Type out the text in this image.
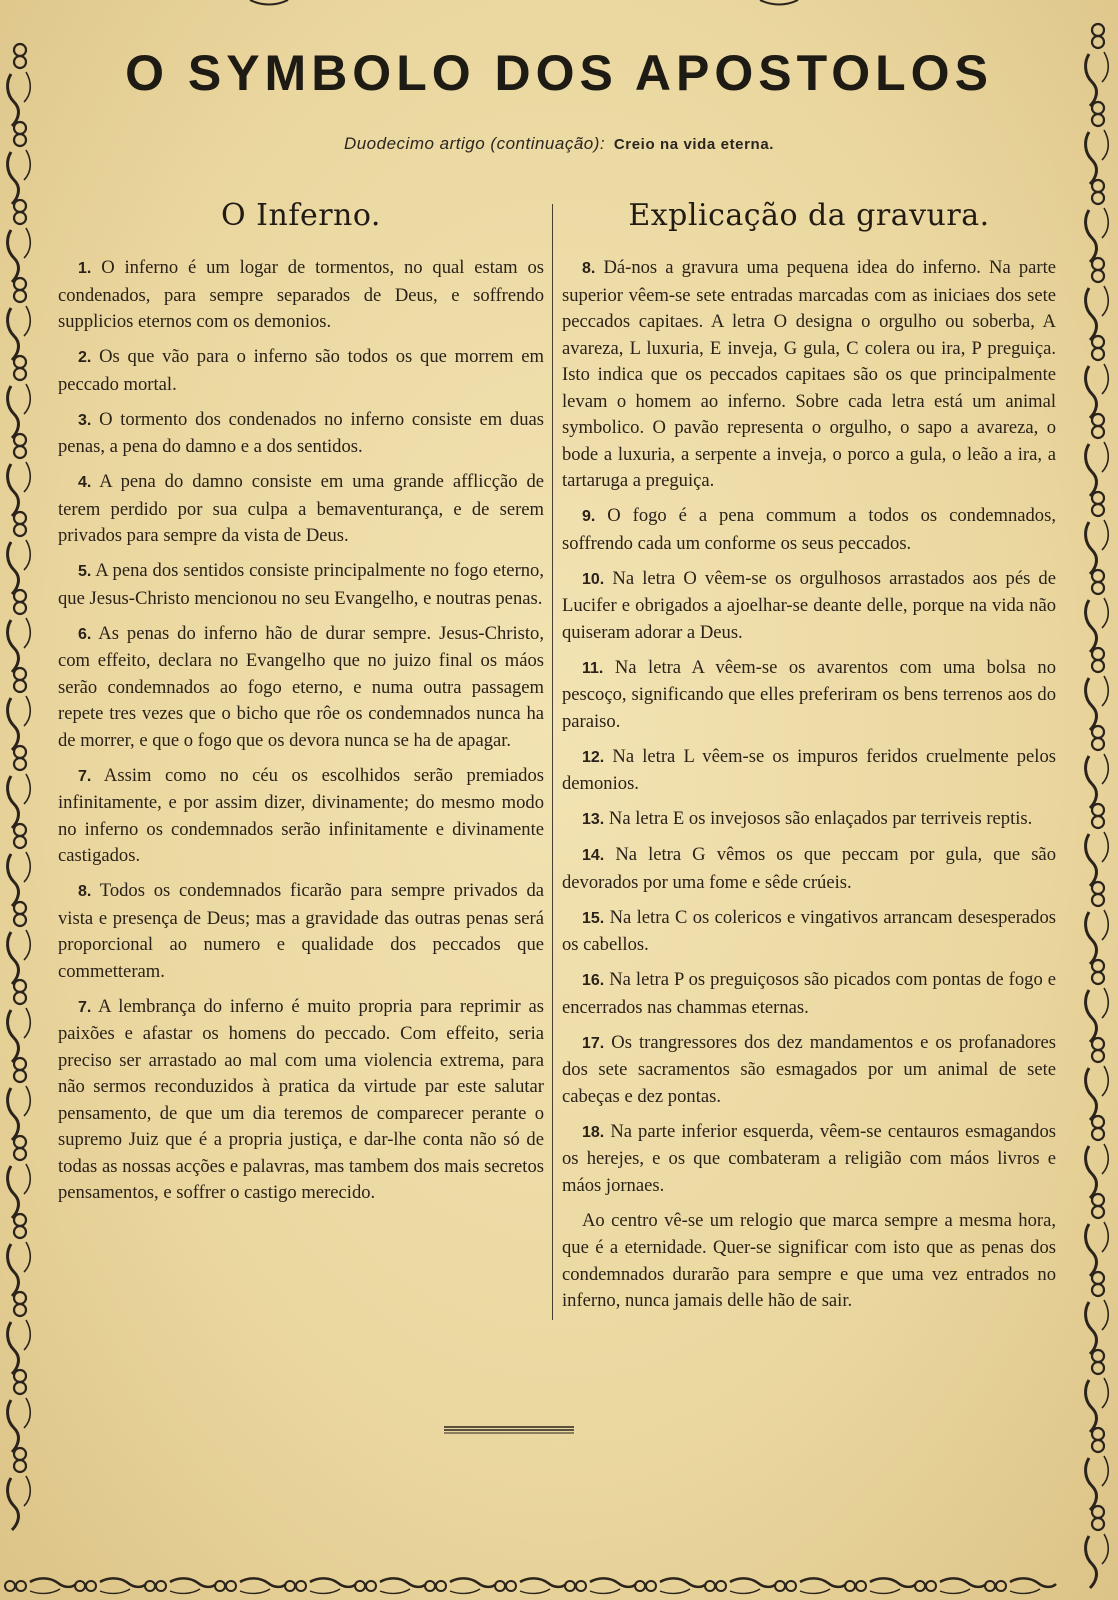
O SYMBOLO DOS APOSTOLOS
Duodecimo artigo (continuação): Creio na vida eterna.
O Inferno.

1. O inferno é um logar de tormentos, no qual estam os condenados, para sempre separados de Deus, e soffrendo supplicios eternos com os demonios.

2. Os que vão para o inferno são todos os que morrem em peccado mortal.

3. O tormento dos condenados no inferno consiste em duas penas, a pena do damno e a dos sentidos.

4. A pena do damno consiste em uma grande afflicção de terem perdido por sua culpa a bemaventurança, e de serem privados para sempre da vista de Deus.

5. A pena dos sentidos consiste principalmente no fogo eterno, que Jesus-Christo mencionou no seu Evangelho, e noutras penas.

6. As penas do inferno hão de durar sempre. Jesus-Christo, com effeito, declara no Evangelho que no juizo final os máos serão condemnados ao fogo eterno, e numa outra passagem repete tres vezes que o bicho que rôe os condemnados nunca ha de morrer, e que o fogo que os devora nunca se ha de apagar.

7. Assim como no céu os escolhidos serão premiados infinitamente, e por assim dizer, divinamente; do mesmo modo no inferno os condemnados serão infinitamente e divinamente castigados.

8. Todos os condemnados ficarão para sempre privados da vista e presença de Deus; mas a gravidade das outras penas será proporcional ao numero e qualidade dos peccados que commetteram.

7. A lembrança do inferno é muito propria para reprimir as paixões e afastar os homens do peccado. Com effeito, seria preciso ser arrastado ao mal com uma violencia extrema, para não sermos reconduzidos à pratica da virtude par este salutar pensamento, de que um dia teremos de comparecer perante o supremo Juiz que é a propria justiça, e dar-lhe conta não só de todas as nossas acções e palavras, mas tambem dos mais secretos pensamentos, e soffrer o castigo merecido.

Explicação da gravura.

8. Dá-nos a gravura uma pequena idea do inferno. Na parte superior vêem-se sete entradas marcadas com as iniciaes dos sete peccados capitaes. A letra O designa o orgulho ou soberba, A avareza, L luxuria, E inveja, G gula, C colera ou ira, P preguiça. Isto indica que os peccados capitaes são os que principalmente levam o homem ao inferno. Sobre cada letra está um animal symbolico. O pavão representa o orgulho, o sapo a avareza, o bode a luxuria, a serpente a inveja, o porco a gula, o leão a ira, a tartaruga a preguiça.

9. O fogo é a pena commum a todos os condemnados, soffrendo cada um conforme os seus peccados.

10. Na letra O vêem-se os orgulhosos arrastados aos pés de Lucifer e obrigados a ajoelhar-se deante delle, porque na vida não quiseram adorar a Deus.

11. Na letra A vêem-se os avarentos com uma bolsa no pescoço, significando que elles preferiram os bens terrenos aos do paraiso.

12. Na letra L vêem-se os impuros feridos cruelmente pelos demonios.

13. Na letra E os invejosos são enlaçados par terriveis reptis.

14. Na letra G vêmos os que peccam por gula, que são devorados por uma fome e sêde crúeis.

15. Na letra C os colericos e vingativos arrancam desesperados os cabellos.

16. Na letra P os preguiçosos são picados com pontas de fogo e encerrados nas chammas eternas.

17. Os trangressores dos dez mandamentos e os profanadores dos sete sacramentos são esmagados por um animal de sete cabeças e dez pontas.

18. Na parte inferior esquerda, vêem-se centauros esmagandos os herejes, e os que combateram a religião com máos livros e máos jornaes.

Ao centro vê-se um relogio que marca sempre a mesma hora, que é a eternidade. Quer-se significar com isto que as penas dos condemnados durarão para sempre e que uma vez entrados no inferno, nunca jamais delle hão de sair.
